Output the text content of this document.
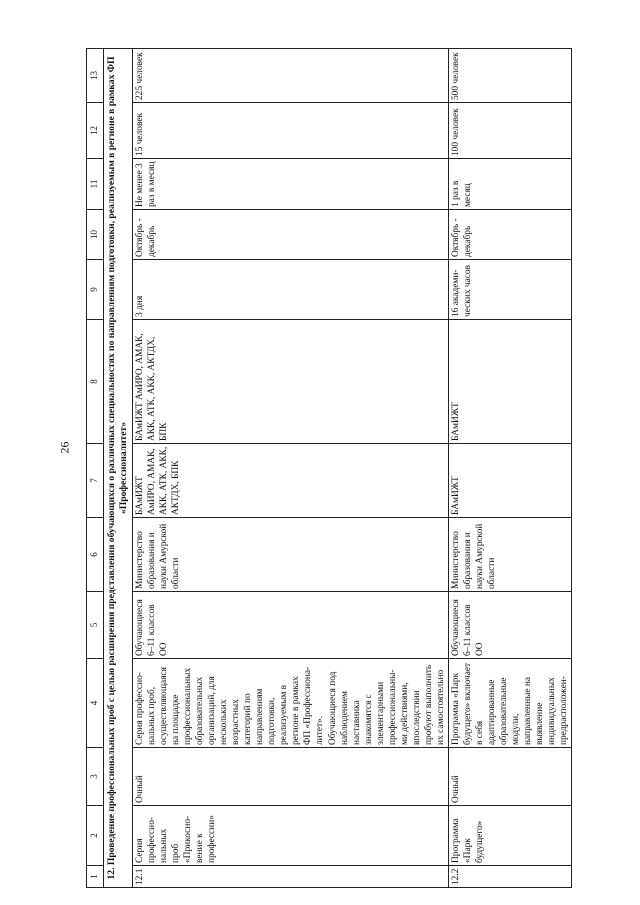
26
1	2	3	4	5	6	7	8	9	10	11	12	13
12. Проведение профессиональных проб с целью расширения представления обучающихся о различных специальностях по направлениям подготовки, реализуемым в регионе в рамках ФП «Профессионалитет»												
12.1	Серия профессио-нальных проб «Прикосно-вение к профессии»	Очный	Серия профессио-нальных проб, осуществляющаяся на площадке профессиональных образовательных организаций, для нескольких возрастных категорий по направлениям подготовки, реализуемым в регионе в рамках ФП «Профессиона-литет». Обучающиеся под наблюдением наставника знакомятся с элементарными профессиональны-ми действиями, впоследствии пробуют выполнить их самостоятельно	Обучающиеся 6–11 классов ОО	Министерство образования и науки Амурской области	БАмИЖТ АмИРО, АМАК, АКК, АТК, АКК, АКТДХ, БПК	БАмИЖТ АмИРО, АМАК, АКК, АТК, АКК, АКТДХ, БПК	3 дня	Октябрь - декабрь	Не менее 3 раз в месяц	15 человек	225 человек
12.2	Программа «Парк будущего»	Очный	Программа «Парк будущего» включает в себя адаптированные образовательные модули, направленные на выявление индивидуальных предрасположен-	Обучающиеся 6–11 классов ОО	Министерство образования и науки Амурской области	БАмИЖТ	БАмИЖТ	16 академи-ческих часов	Октябрь - декабрь	1 раз в месяц	100 человек	500 человек
